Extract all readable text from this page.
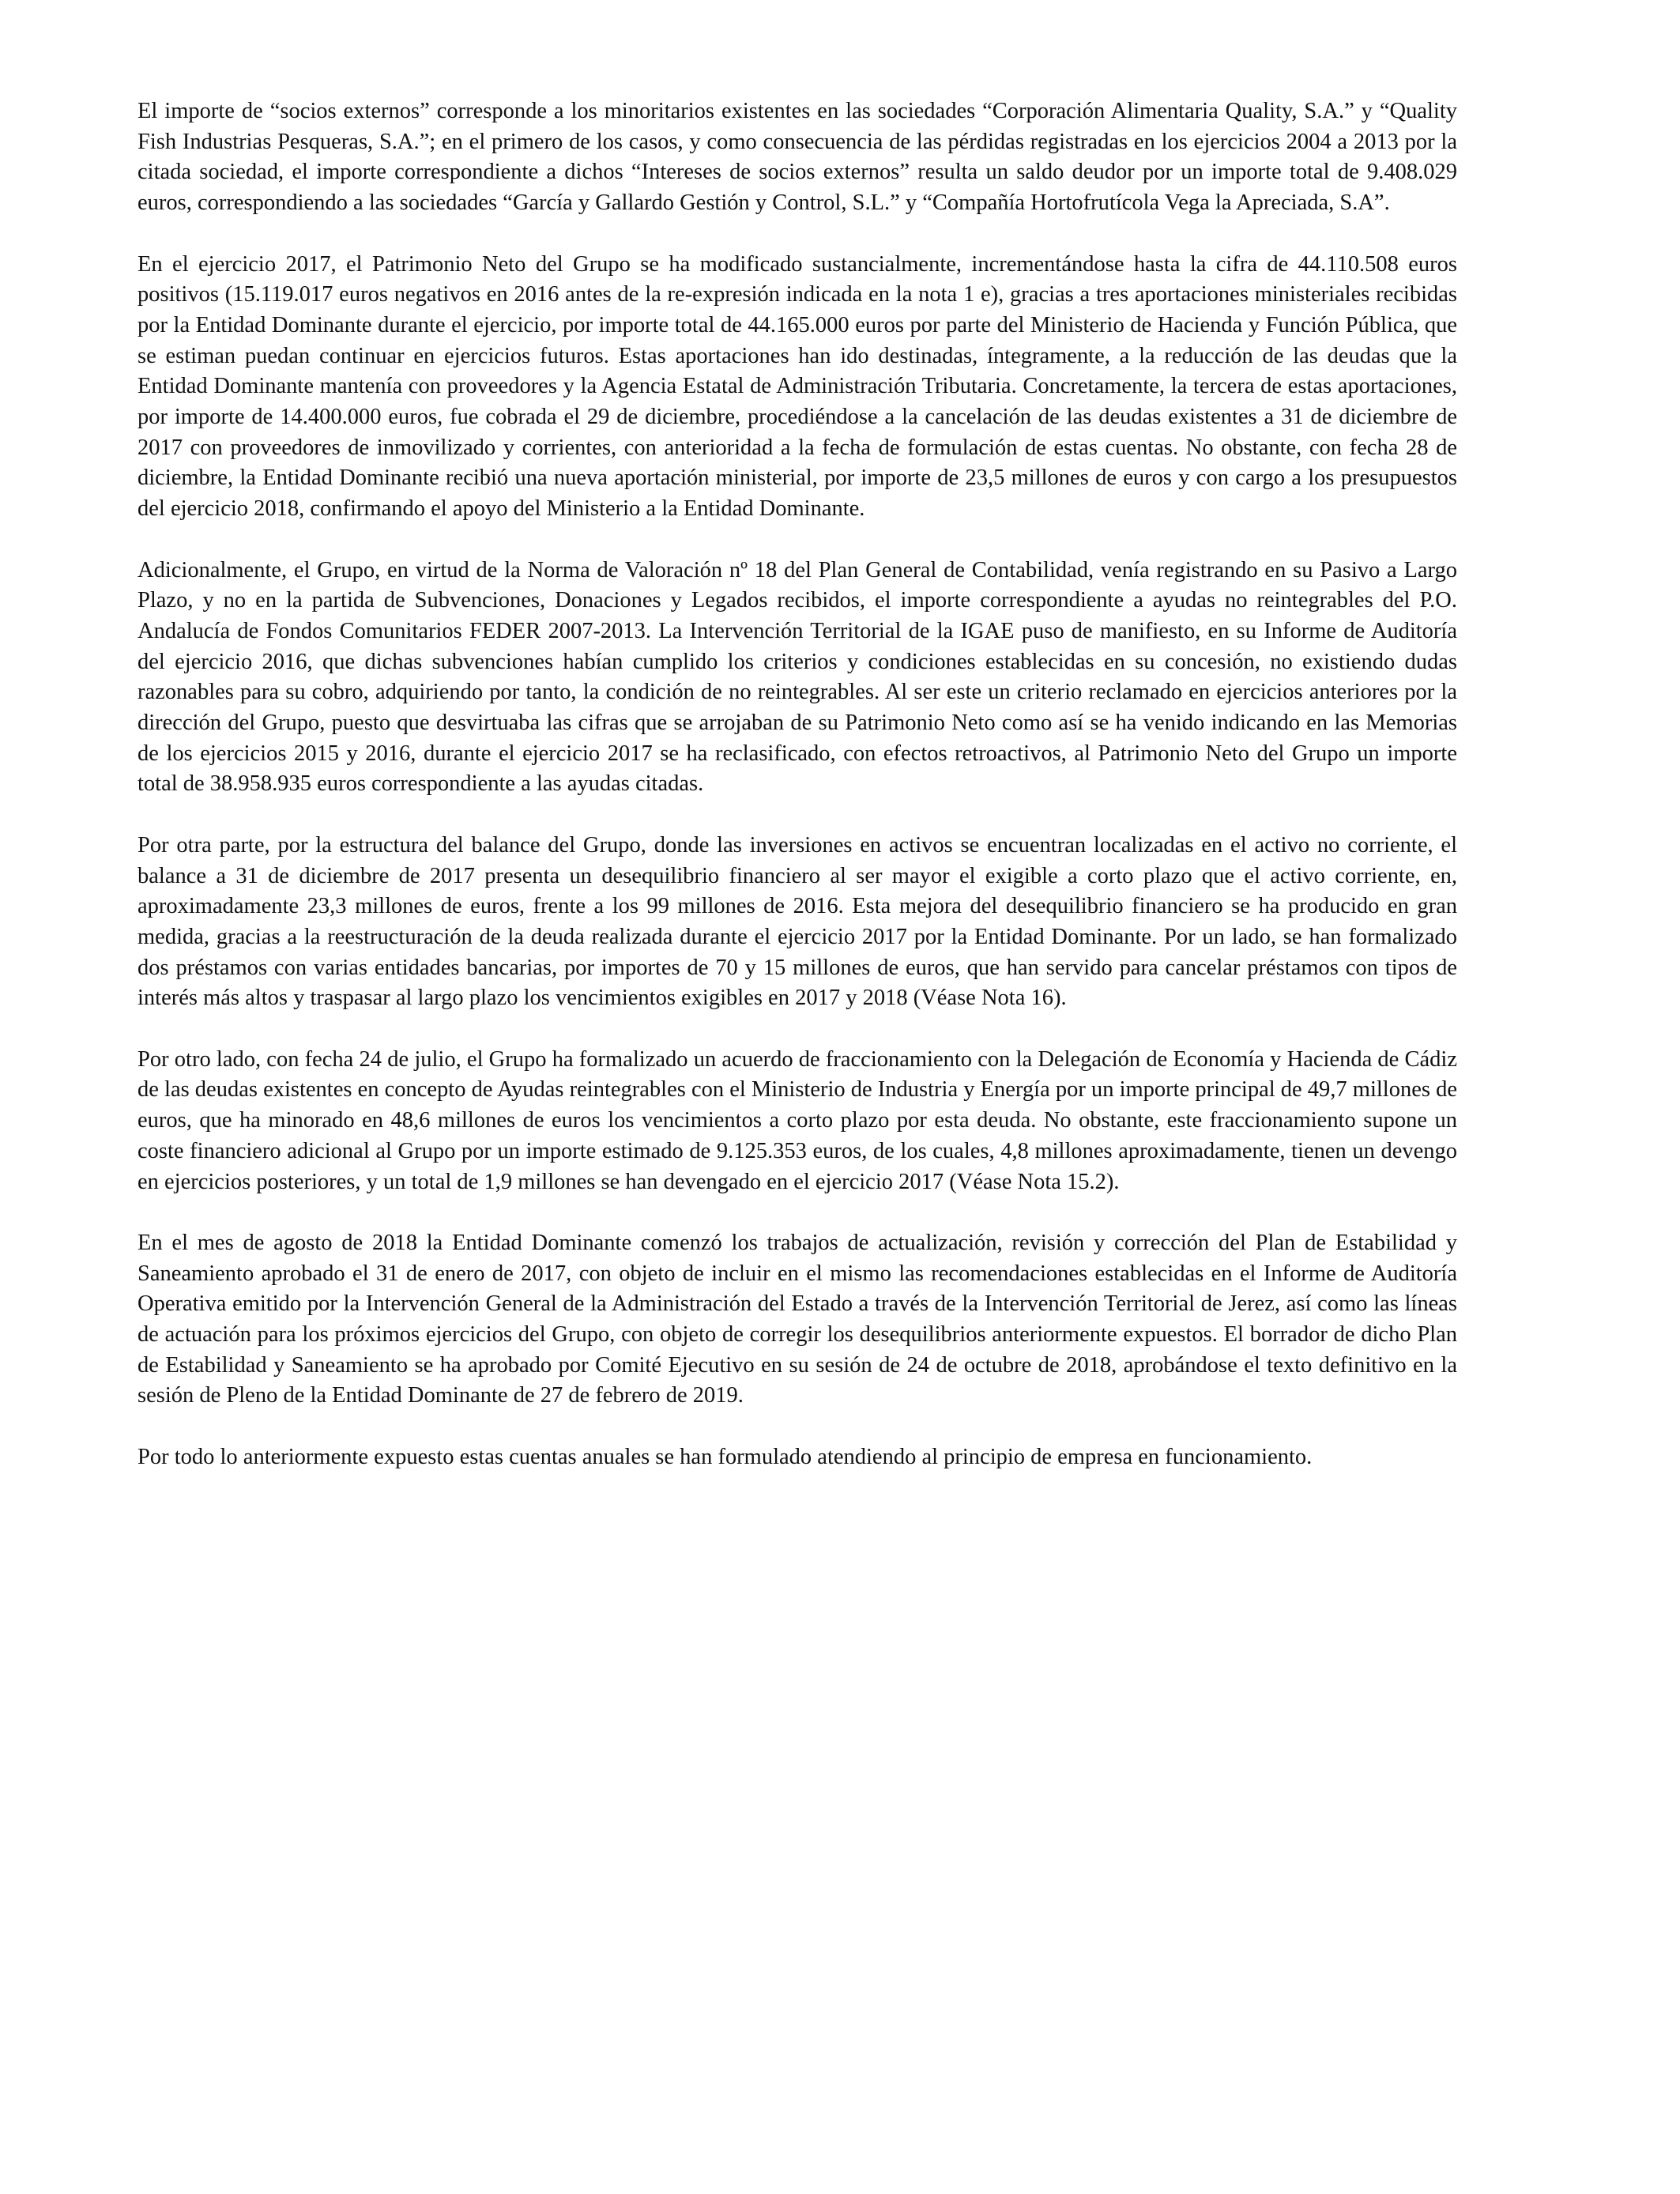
El importe de “socios externos” corresponde a los minoritarios existentes en las sociedades “Corporación Alimentaria Quality, S.A.” y “Quality Fish Industrias Pesqueras, S.A.”; en el primero de los casos, y como consecuencia de las pérdidas registradas en los ejercicios 2004 a 2013 por la citada sociedad, el importe correspondiente a dichos “Intereses de socios externos” resulta un saldo deudor por un importe total de 9.408.029 euros, correspondiendo a las sociedades “García y Gallardo Gestión y Control, S.L.” y “Compañía Hortofrutícola Vega la Apreciada, S.A”.

En el ejercicio 2017, el Patrimonio Neto del Grupo se ha modificado sustancialmente, incrementándose hasta la cifra de 44.110.508 euros positivos (15.119.017 euros negativos en 2016 antes de la re-expresión indicada en la nota 1 e), gracias a tres aportaciones ministeriales recibidas por la Entidad Dominante durante el ejercicio, por importe total de 44.165.000 euros por parte del Ministerio de Hacienda y Función Pública, que se estiman puedan continuar en ejercicios futuros. Estas aportaciones han ido destinadas, íntegramente, a la reducción de las deudas que la Entidad Dominante mantenía con proveedores y la Agencia Estatal de Administración Tributaria. Concretamente, la tercera de estas aportaciones, por importe de 14.400.000 euros, fue cobrada el 29 de diciembre, procediéndose a la cancelación de las deudas existentes a 31 de diciembre de 2017 con proveedores de inmovilizado y corrientes, con anterioridad a la fecha de formulación de estas cuentas. No obstante, con fecha 28 de diciembre, la Entidad Dominante recibió una nueva aportación ministerial, por importe de 23,5 millones de euros y con cargo a los presupuestos del ejercicio 2018, confirmando el apoyo del Ministerio a la Entidad Dominante.

Adicionalmente, el Grupo, en virtud de la Norma de Valoración nº 18 del Plan General de Contabilidad, venía registrando en su Pasivo a Largo Plazo, y no en la partida de Subvenciones, Donaciones y Legados recibidos, el importe correspondiente a ayudas no reintegrables del P.O. Andalucía de Fondos Comunitarios FEDER 2007-2013. La Intervención Territorial de la IGAE puso de manifiesto, en su Informe de Auditoría del ejercicio 2016, que dichas subvenciones habían cumplido los criterios y condiciones establecidas en su concesión, no existiendo dudas razonables para su cobro, adquiriendo por tanto, la condición de no reintegrables. Al ser este un criterio reclamado en ejercicios anteriores por la dirección del Grupo, puesto que desvirtuaba las cifras que se arrojaban de su Patrimonio Neto como así se ha venido indicando en las Memorias de los ejercicios 2015 y 2016, durante el ejercicio 2017 se ha reclasificado, con efectos retroactivos, al Patrimonio Neto del Grupo un importe total de 38.958.935 euros correspondiente a las ayudas citadas.

Por otra parte, por la estructura del balance del Grupo, donde las inversiones en activos se encuentran localizadas en el activo no corriente, el balance a 31 de diciembre de 2017 presenta un desequilibrio financiero al ser mayor el exigible a corto plazo que el activo corriente, en, aproximadamente 23,3 millones de euros, frente a los 99 millones de 2016. Esta mejora del desequilibrio financiero se ha producido en gran medida, gracias a la reestructuración de la deuda realizada durante el ejercicio 2017 por la Entidad Dominante. Por un lado, se han formalizado dos préstamos con varias entidades bancarias, por importes de 70 y 15 millones de euros, que han servido para cancelar préstamos con tipos de interés más altos y traspasar al largo plazo los vencimientos exigibles en 2017 y 2018 (Véase Nota 16).

Por otro lado, con fecha 24 de julio, el Grupo ha formalizado un acuerdo de fraccionamiento con la Delegación de Economía y Hacienda de Cádiz de las deudas existentes en concepto de Ayudas reintegrables con el Ministerio de Industria y Energía por un importe principal de 49,7 millones de euros, que ha minorado en 48,6 millones de euros los vencimientos a corto plazo por esta deuda. No obstante, este fraccionamiento supone un coste financiero adicional al Grupo por un importe estimado de 9.125.353 euros, de los cuales, 4,8 millones aproximadamente, tienen un devengo en ejercicios posteriores, y un total de 1,9 millones se han devengado en el ejercicio 2017 (Véase Nota 15.2).

En el mes de agosto de 2018 la Entidad Dominante comenzó los trabajos de actualización, revisión y corrección del Plan de Estabilidad y Saneamiento aprobado el 31 de enero de 2017, con objeto de incluir en el mismo las recomendaciones establecidas en el Informe de Auditoría Operativa emitido por la Intervención General de la Administración del Estado a través de la Intervención Territorial de Jerez, así como las líneas de actuación para los próximos ejercicios del Grupo, con objeto de corregir los desequilibrios anteriormente expuestos. El borrador de dicho Plan de Estabilidad y Saneamiento se ha aprobado por Comité Ejecutivo en su sesión de 24 de octubre de 2018, aprobándose el texto definitivo en la sesión de Pleno de la Entidad Dominante de 27 de febrero de 2019.

Por todo lo anteriormente expuesto estas cuentas anuales se han formulado atendiendo al principio de empresa en funcionamiento.
